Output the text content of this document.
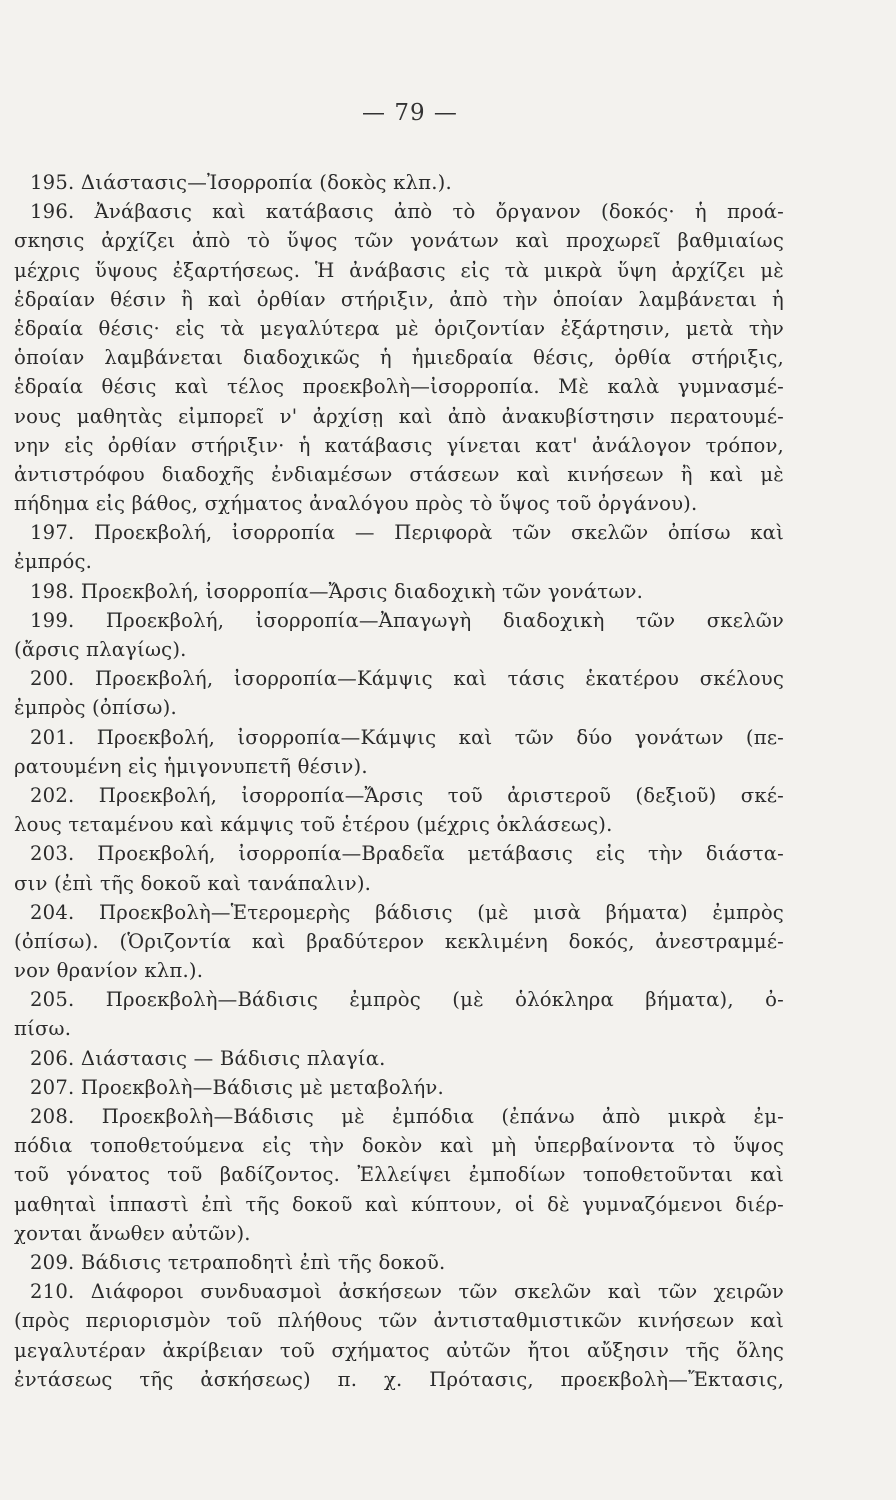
— 79 —
195. Διάστασις—Ἰσορροπία (δοκὸς κλπ.).
196. Ἀνάβασις καὶ κατάβασις ἀπὸ τὸ ὄργανον (δοκός· ἡ προά-
σκησις ἀρχίζει ἀπὸ τὸ ὕψος τῶν γονάτων καὶ προχωρεῖ βαθμιαίως
μέχρις ὕψους ἐξαρτήσεως. Ἡ ἀνάβασις εἰς τὰ μικρὰ ὕψη ἀρχίζει μὲ
ἑδραίαν θέσιν ἢ καὶ ὀρθίαν στήριξιν, ἀπὸ τὴν ὁποίαν λαμβάνεται ἡ
ἑδραία θέσις· εἰς τὰ μεγαλύτερα μὲ ὁριζοντίαν ἐξάρτησιν, μετὰ τὴν
ὁποίαν λαμβάνεται διαδοχικῶς ἡ ἡμιεδραία θέσις, ὀρθία στήριξις,
ἑδραία θέσις καὶ τέλος προεκβολὴ—ἰσορροπία. Μὲ καλὰ γυμνασμέ-
νους μαθητὰς εἰμπορεῖ ν' ἀρχίσῃ καὶ ἀπὸ ἀνακυβίστησιν περατουμέ-
νην εἰς ὀρθίαν στήριξιν· ἡ κατάβασις γίνεται κατ' ἀνάλογον τρόπον,
ἀντιστρόφου διαδοχῆς ἐνδιαμέσων στάσεων καὶ κινήσεων ἢ καὶ μὲ
πήδημα εἰς βάθος, σχήματος ἀναλόγου πρὸς τὸ ὕψος τοῦ ὀργάνου).
197. Προεκβολή, ἰσορροπία — Περιφορὰ τῶν σκελῶν ὀπίσω καὶ
ἐμπρός.
198. Προεκβολή, ἰσορροπία—Ἄρσις διαδοχικὴ τῶν γονάτων.
199. Προεκβολή, ἰσορροπία—Ἀπαγωγὴ διαδοχικὴ τῶν σκελῶν
(ἄρσις πλαγίως).
200. Προεκβολή, ἰσορροπία—Κάμψις καὶ τάσις ἑκατέρου σκέλους
ἐμπρὸς (ὀπίσω).
201. Προεκβολή, ἰσορροπία—Κάμψις καὶ τῶν δύο γονάτων (πε-
ρατουμένη εἰς ἡμιγονυπετῆ θέσιν).
202. Προεκβολή, ἰσορροπία—Ἄρσις τοῦ ἀριστεροῦ (δεξιοῦ) σκέ-
λους τεταμένου καὶ κάμψις τοῦ ἑτέρου (μέχρις ὀκλάσεως).
203. Προεκβολή, ἰσορροπία—Βραδεῖα μετάβασις εἰς τὴν διάστα-
σιν (ἐπὶ τῆς δοκοῦ καὶ τανάπαλιν).
204. Προεκβολὴ—Ἑτερομερὴς βάδισις (μὲ μισὰ βήματα) ἐμπρὸς
(ὀπίσω). (Ὁριζοντία καὶ βραδύτερον κεκλιμένη δοκός, ἀνεστραμμέ-
νον θρανίον κλπ.).
205. Προεκβολὴ—Βάδισις ἐμπρὸς (μὲ ὁλόκληρα βήματα), ὀ-
πίσω.
206. Διάστασις — Βάδισις πλαγία.
207. Προεκβολὴ—Βάδισις μὲ μεταβολήν.
208. Προεκβολὴ—Βάδισις μὲ ἐμπόδια (ἐπάνω ἀπὸ μικρὰ ἐμ-
πόδια τοποθετούμενα εἰς τὴν δοκὸν καὶ μὴ ὑπερβαίνοντα τὸ ὕψος
τοῦ γόνατος τοῦ βαδίζοντος. Ἐλλείψει ἐμποδίων τοποθετοῦνται καὶ
μαθηταὶ ἱππαστὶ ἐπὶ τῆς δοκοῦ καὶ κύπτουν, οἱ δὲ γυμναζόμενοι διέρ-
χονται ἄνωθεν αὐτῶν).
209. Βάδισις τετραποδητὶ ἐπὶ τῆς δοκοῦ.
210. Διάφοροι συνδυασμοὶ ἀσκήσεων τῶν σκελῶν καὶ τῶν χειρῶν
(πρὸς περιορισμὸν τοῦ πλήθους τῶν ἀντισταθμιστικῶν κινήσεων καὶ
μεγαλυτέραν ἀκρίβειαν τοῦ σχήματος αὐτῶν ἤτοι αὔξησιν τῆς ὅλης
ἐντάσεως τῆς ἀσκήσεως) π. χ. Πρότασις, προεκβολὴ—Ἔκτασις,
